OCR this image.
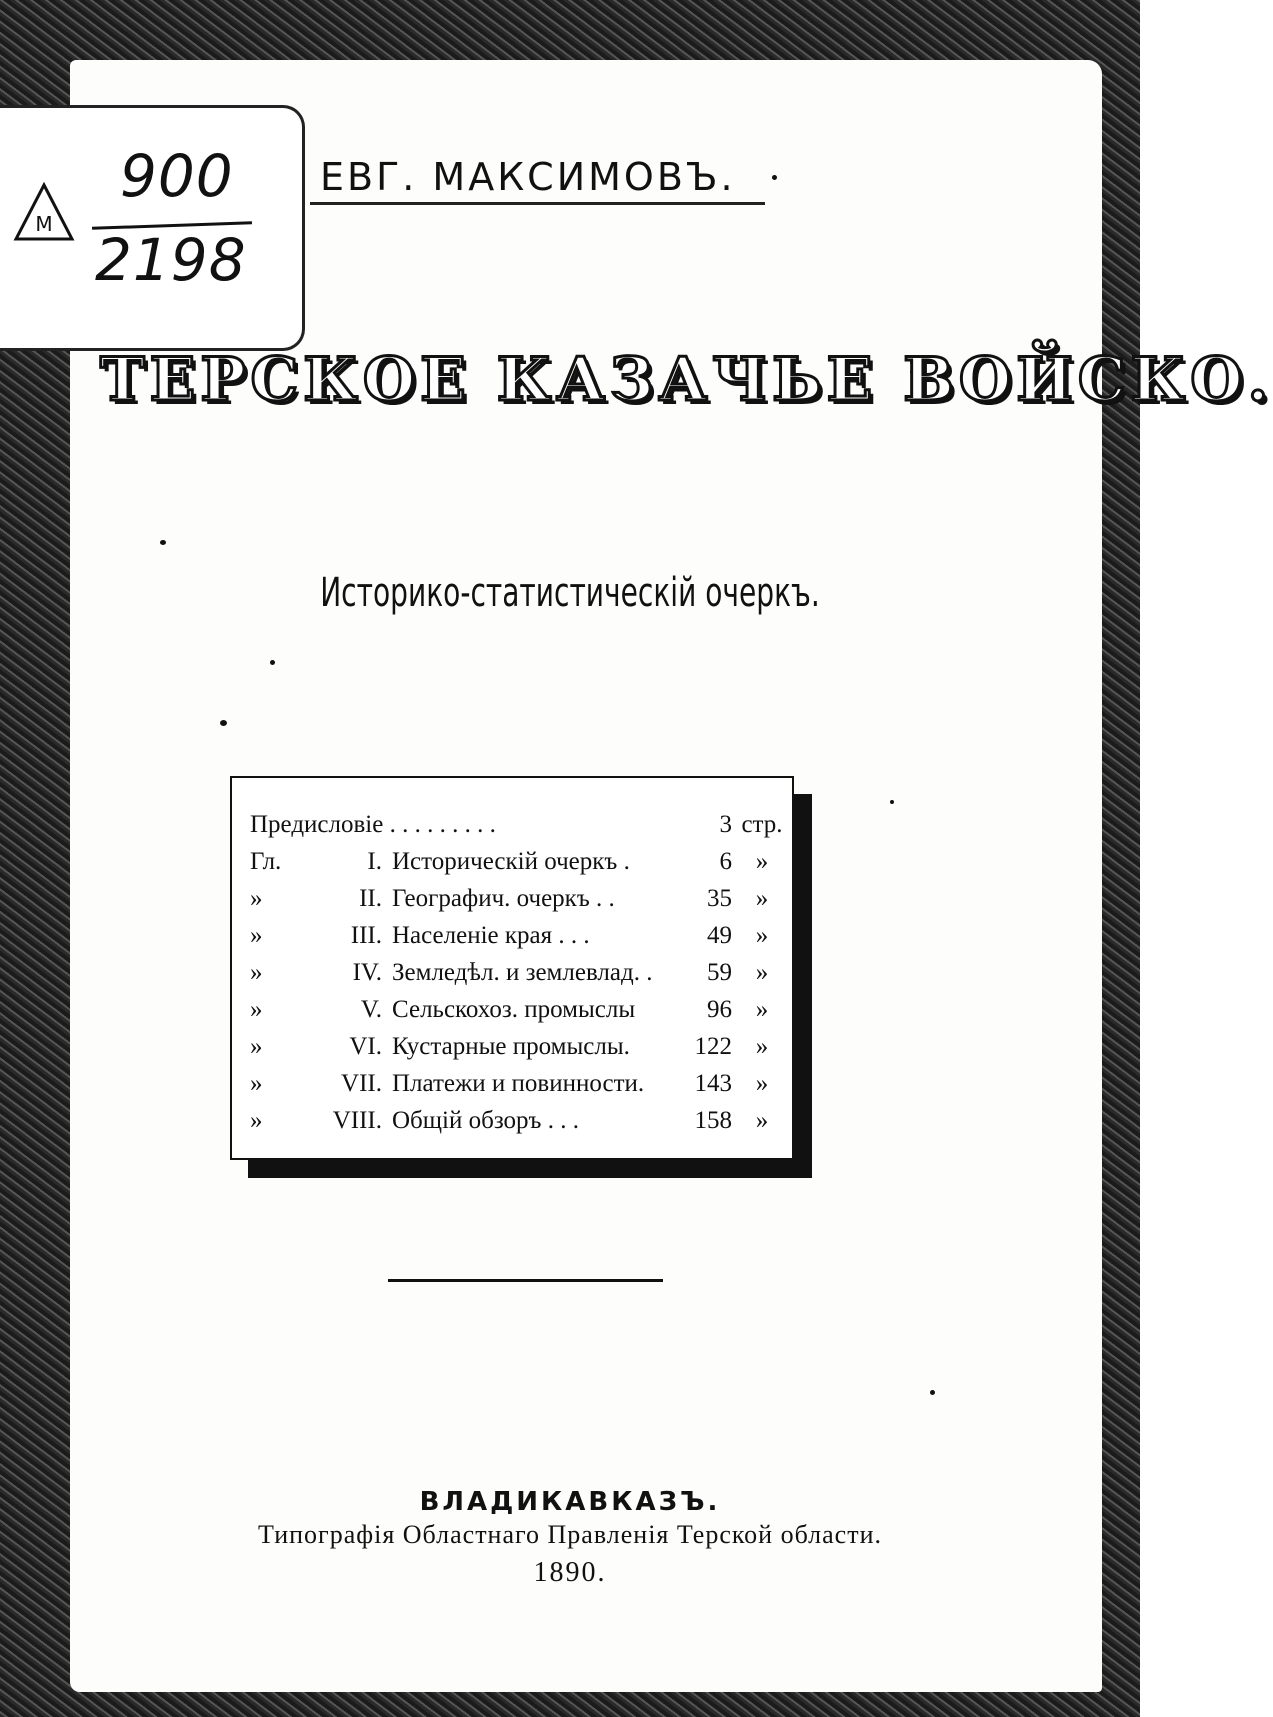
М
900
2198
ЕВГ. МАКСИМОВЪ.
ТЕРСКОЕ КАЗАЧЬЕ ВОЙСКО.
Историко-статистическій очеркъ.
Предисловіе . . . . . . . . .	3 стр.
Гл.	I. Историческій очеркъ .	6 »
»	II. Географич. очеркъ . .	35 »
»	III. Населеніе края . . .	49 »
»	IV. Земледѣл. и землевлад. .	59 »
»	V. Сельскохоз. промыслы	96 »
»	VI. Кустарные промыслы.	122 »
»	VII. Платежи и повинности.	143 »
»	VIII. Общій обзоръ . . .	158 »
ВЛАДИКАВКАЗЪ.
Типографія Областнаго Правленія Терской области.
1890.
